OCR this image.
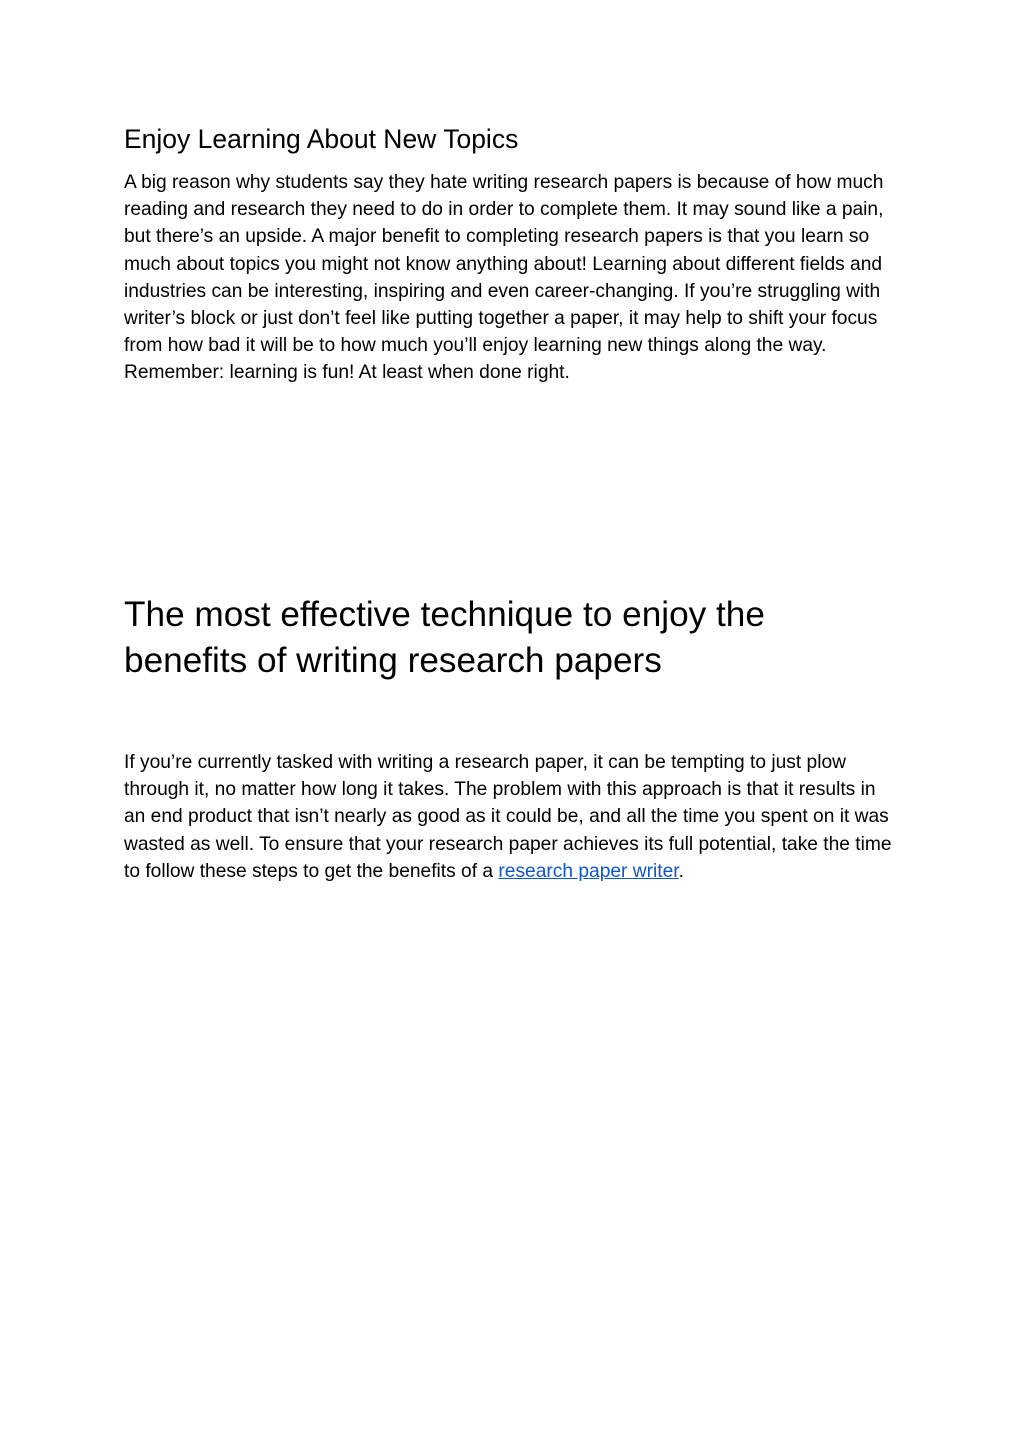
Enjoy Learning About New Topics

A big reason why students say they hate writing research papers is because of how much reading and research they need to do in order to complete them. It may sound like a pain, but there’s an upside. A major benefit to completing research papers is that you learn so much about topics you might not know anything about! Learning about different fields and industries can be interesting, inspiring and even career-changing. If you’re struggling with writer’s block or just don’t feel like putting together a paper, it may help to shift your focus from how bad it will be to how much you’ll enjoy learning new things along the way. Remember: learning is fun! At least when done right.

The most effective technique to enjoy the benefits of writing research papers

If you’re currently tasked with writing a research paper, it can be tempting to just plow through it, no matter how long it takes. The problem with this approach is that it results in an end product that isn’t nearly as good as it could be, and all the time you spent on it was wasted as well. To ensure that your research paper achieves its full potential, take the time to follow these steps to get the benefits of a research paper writer.
